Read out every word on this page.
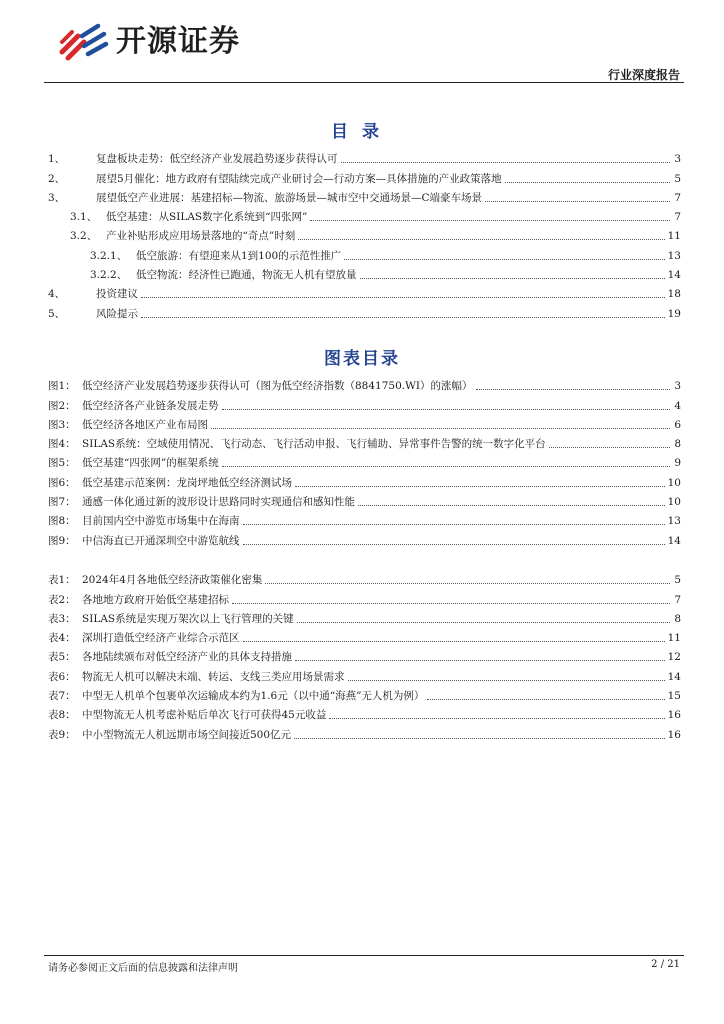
开源证券
行业深度报告
目录
1、	复盘板块走势：低空经济产业发展趋势逐步获得认可	3
2、	展望5月催化：地方政府有望陆续完成产业研讨会—行动方案—具体措施的产业政策落地	5
3、	展望低空产业进展：基建招标—物流、旅游场景—城市空中交通场景—C端豪车场景	7
3.1、 低空基建：从SILAS数字化系统到“四张网”	7
3.2、 产业补贴形成应用场景落地的“奇点”时刻	11
3.2.1、 低空旅游：有望迎来从1到100的示范性推广	13
3.2.2、 低空物流：经济性已跑通，物流无人机有望放量	14
4、	投资建议	18
5、	风险提示	19
图表目录
图1： 低空经济产业发展趋势逐步获得认可（图为低空经济指数（8841750.WI）的涨幅）	3
图2： 低空经济各产业链条发展走势	4
图3： 低空经济各地区产业布局图	6
图4： SILAS系统：空域使用情况、飞行动态、飞行活动申报、飞行辅助、异常事件告警的统一数字化平台	8
图5： 低空基建“四张网”的框架系统	9
图6： 低空基建示范案例：龙岗坪地低空经济测试场	10
图7： 通感一体化通过新的波形设计思路同时实现通信和感知性能	10
图8： 目前国内空中游览市场集中在海南	13
图9： 中信海直已开通深圳空中游览航线	14
表1： 2024年4月各地低空经济政策催化密集	5
表2： 各地地方政府开始低空基建招标	7
表3： SILAS系统是实现万架次以上飞行管理的关键	8
表4： 深圳打造低空经济产业综合示范区	11
表5： 各地陆续颁布对低空经济产业的具体支持措施	12
表6： 物流无人机可以解决末端、转运、支线三类应用场景需求	14
表7： 中型无人机单个包裹单次运输成本约为1.6元（以中通“海燕”无人机为例）	15
表8： 中型物流无人机考虑补贴后单次飞行可获得45元收益	16
表9： 中小型物流无人机远期市场空间接近500亿元	16
请务必参阅正文后面的信息披露和法律声明	2 / 21
